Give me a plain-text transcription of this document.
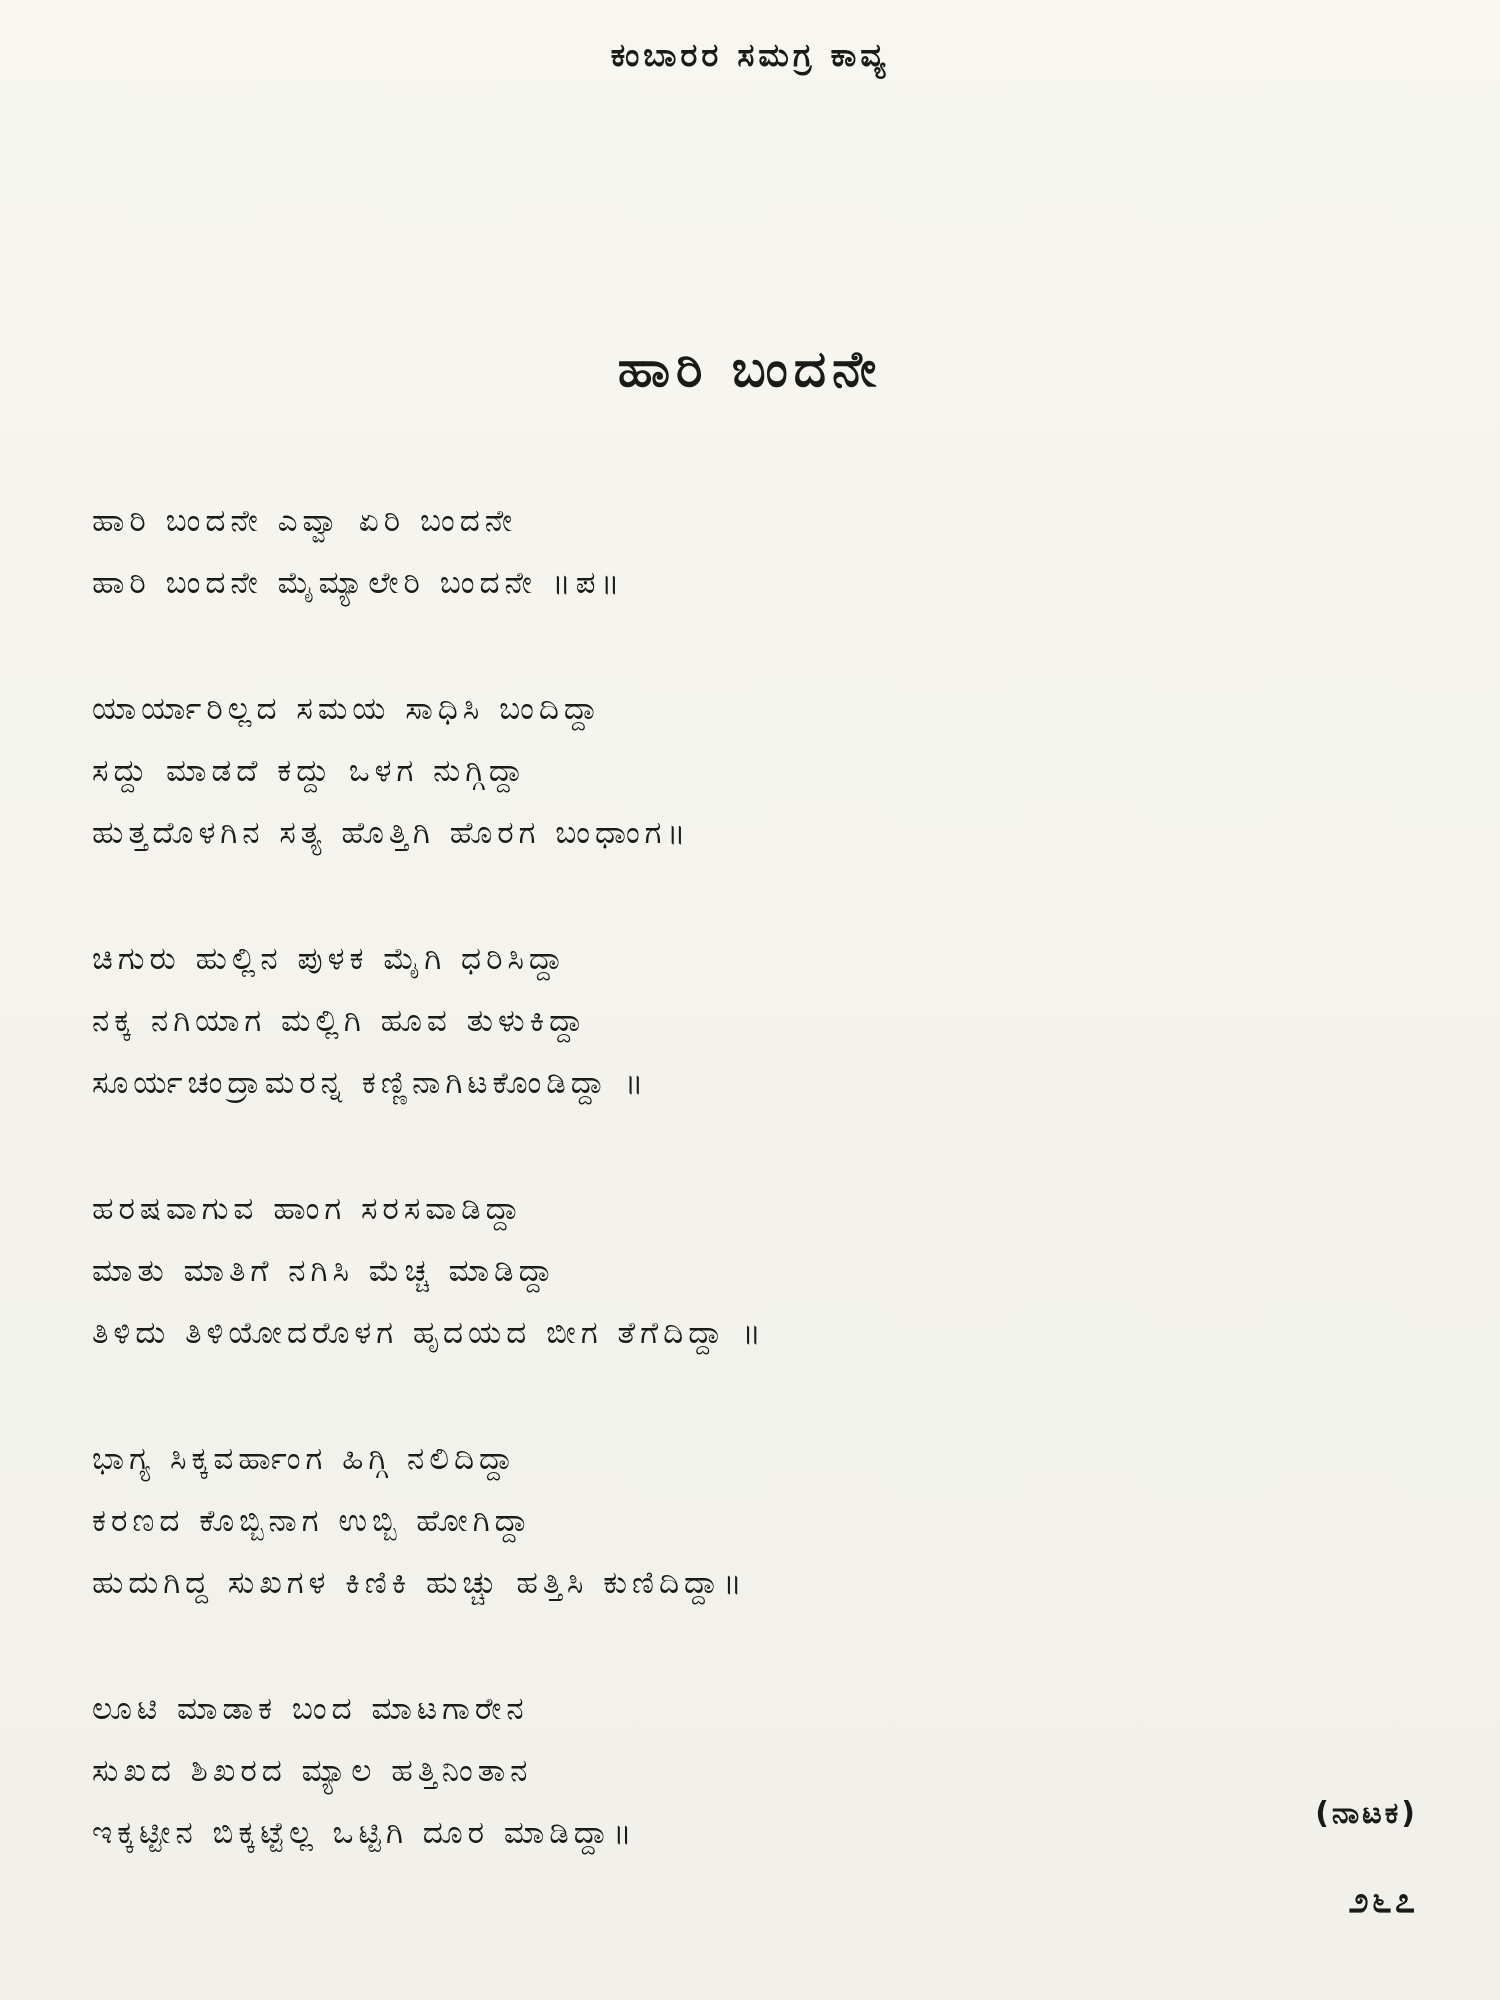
ಕಂಬಾರರ ಸಮಗ್ರ ಕಾವ್ಯ
ಹಾರಿ ಬಂದನೇ
ಹಾರಿ ಬಂದನೇ ಎವ್ವಾ ಏರಿ ಬಂದನೇ
ಹಾರಿ ಬಂದನೇ ಮೈಮ್ಯಾಲೇರಿ ಬಂದನೇ ॥ಪ॥
ಯಾರ್ಯಾರಿಲ್ಲದ ಸಮಯ ಸಾಧಿಸಿ ಬಂದಿದ್ದಾ
ಸದ್ದು ಮಾಡದೆ ಕದ್ದು ಒಳಗ ನುಗ್ಗಿದ್ದಾ
ಹುತ್ತದೊಳಗಿನ ಸತ್ಯ ಹೊತ್ತಿಗಿ ಹೊರಗ ಬಂಧಾಂಗ॥
ಚಿಗುರು ಹುಲ್ಲಿನ ಪುಳಕ ಮೈಗಿ ಧರಿಸಿದ್ದಾ
ನಕ್ಕ ನಗಿಯಾಗ ಮಲ್ಲಿಗಿ ಹೂವ ತುಳುಕಿದ್ದಾ
ಸೂರ್ಯಚಂದ್ರಾಮರನ್ನ ಕಣ್ಣಿನಾಗಿಟಕೊಂಡಿದ್ದಾ ॥
ಹರಷವಾಗುವ ಹಾಂಗ ಸರಸವಾಡಿದ್ದಾ
ಮಾತು ಮಾತಿಗೆ ನಗಿಸಿ ಮೆಚ್ಚ ಮಾಡಿದ್ದಾ
ತಿಳಿದು ತಿಳಿಯೋದರೊಳಗ ಹೃದಯದ ಬೀಗ ತೆಗೆದಿದ್ದಾ ॥
ಭಾಗ್ಯ ಸಿಕ್ಕವರ್ಹಾಂಗ ಹಿಗ್ಗಿ ನಲಿದಿದ್ದಾ
ಕರಣದ ಕೊಬ್ಬಿನಾಗ ಉಬ್ಬಿ ಹೋಗಿದ್ದಾ
ಹುದುಗಿದ್ದ ಸುಖಗಳ ಕಿಣಿಕಿ ಹುಚ್ಚು ಹತ್ತಿಸಿ ಕುಣಿದಿದ್ದಾ॥
ಲೂಟಿ ಮಾಡಾಕ ಬಂದ ಮಾಟಗಾರೇನ
ಸುಖದ ಶಿಖರದ ಮ್ಯಾಲ ಹತ್ತಿನಿಂತಾನ
ಇಕ್ಕಟ್ಟೀನ ಬಿಕ್ಕಟ್ಟೆಲ್ಲ ಒಟ್ಟಿಗಿ ದೂರ ಮಾಡಿದ್ದಾ॥
(ನಾಟಕ)
೨೬೭
